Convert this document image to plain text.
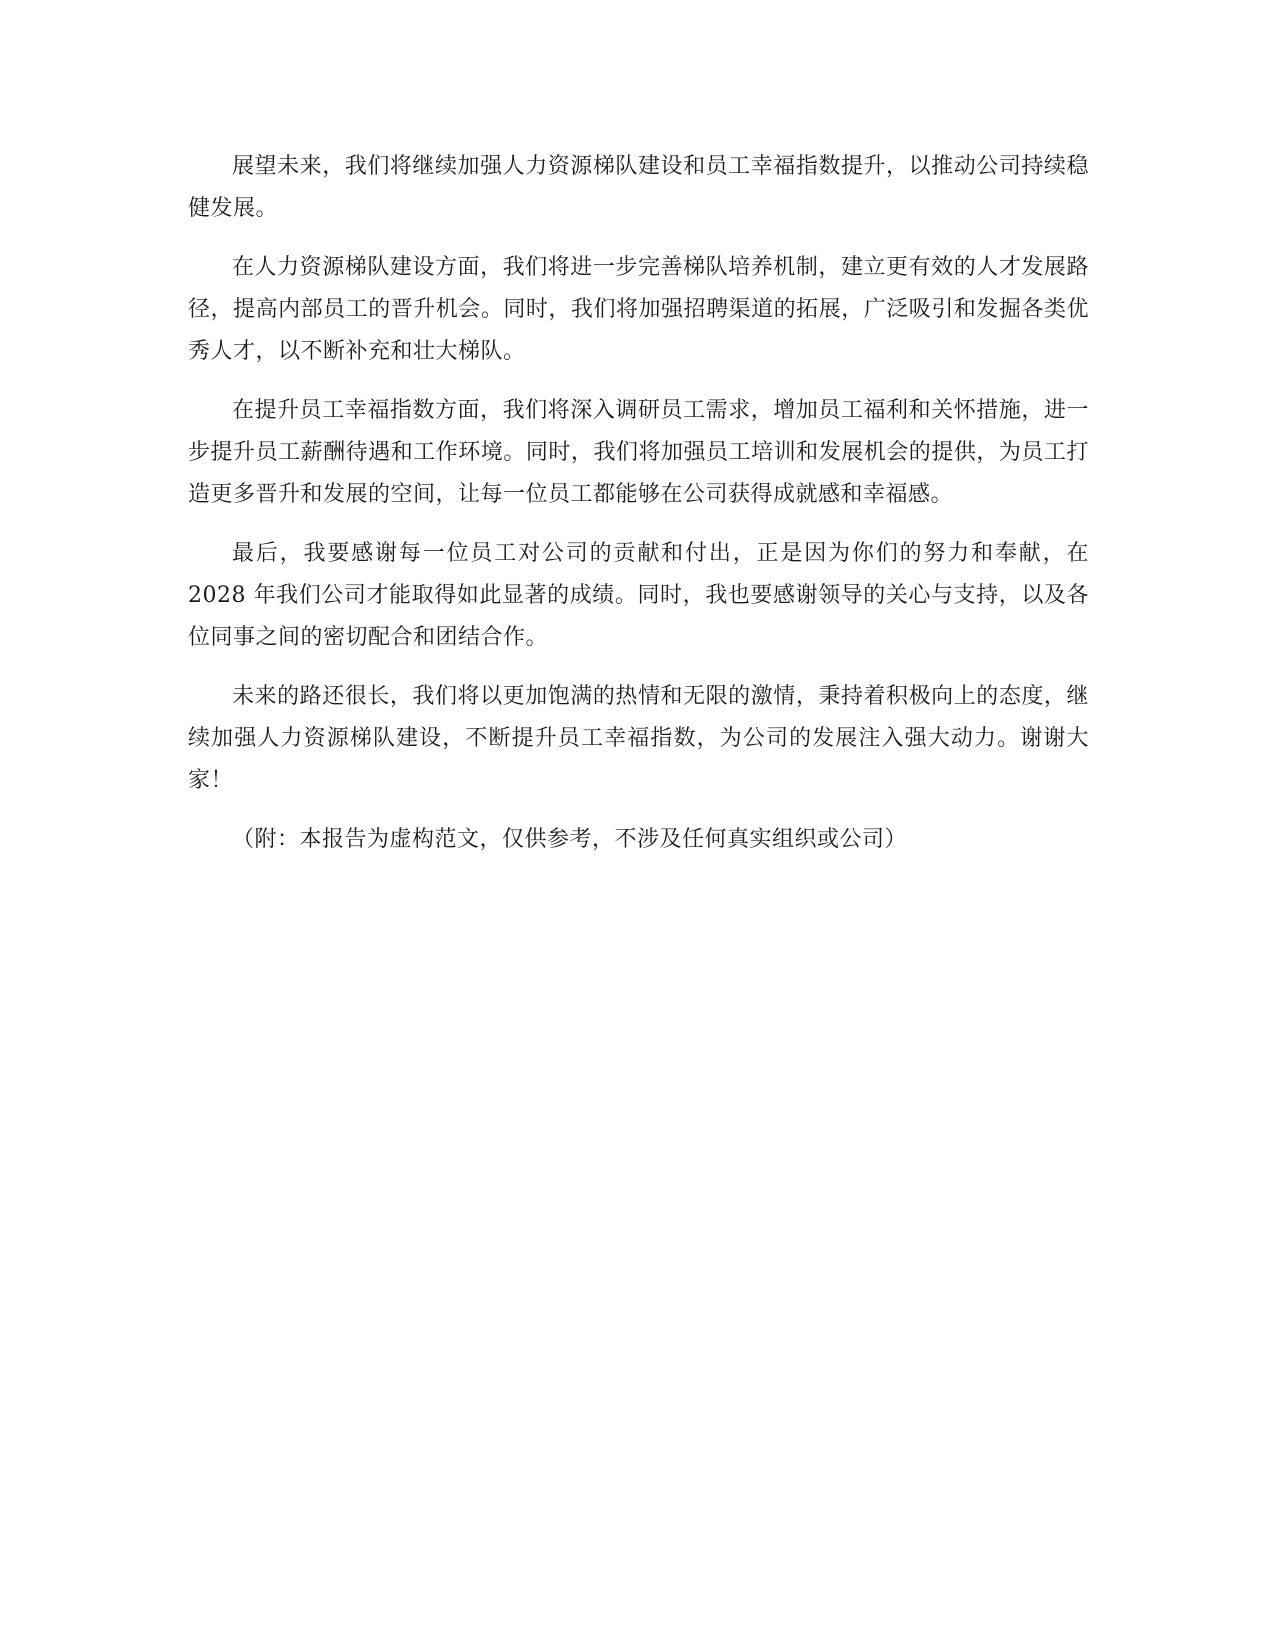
展望未来，我们将继续加强人力资源梯队建设和员工幸福指数提升，以推动公司持续稳健发展。

在人力资源梯队建设方面，我们将进一步完善梯队培养机制，建立更有效的人才发展路径，提高内部员工的晋升机会。同时，我们将加强招聘渠道的拓展，广泛吸引和发掘各类优秀人才，以不断补充和壮大梯队。

在提升员工幸福指数方面，我们将深入调研员工需求，增加员工福利和关怀措施，进一步提升员工薪酬待遇和工作环境。同时，我们将加强员工培训和发展机会的提供，为员工打造更多晋升和发展的空间，让每一位员工都能够在公司获得成就感和幸福感。

最后，我要感谢每一位员工对公司的贡献和付出，正是因为你们的努力和奉献，在 2028 年我们公司才能取得如此显著的成绩。同时，我也要感谢领导的关心与支持，以及各位同事之间的密切配合和团结合作。

未来的路还很长，我们将以更加饱满的热情和无限的激情，秉持着积极向上的态度，继续加强人力资源梯队建设，不断提升员工幸福指数，为公司的发展注入强大动力。谢谢大家！

（附：本报告为虚构范文，仅供参考，不涉及任何真实组织或公司）
